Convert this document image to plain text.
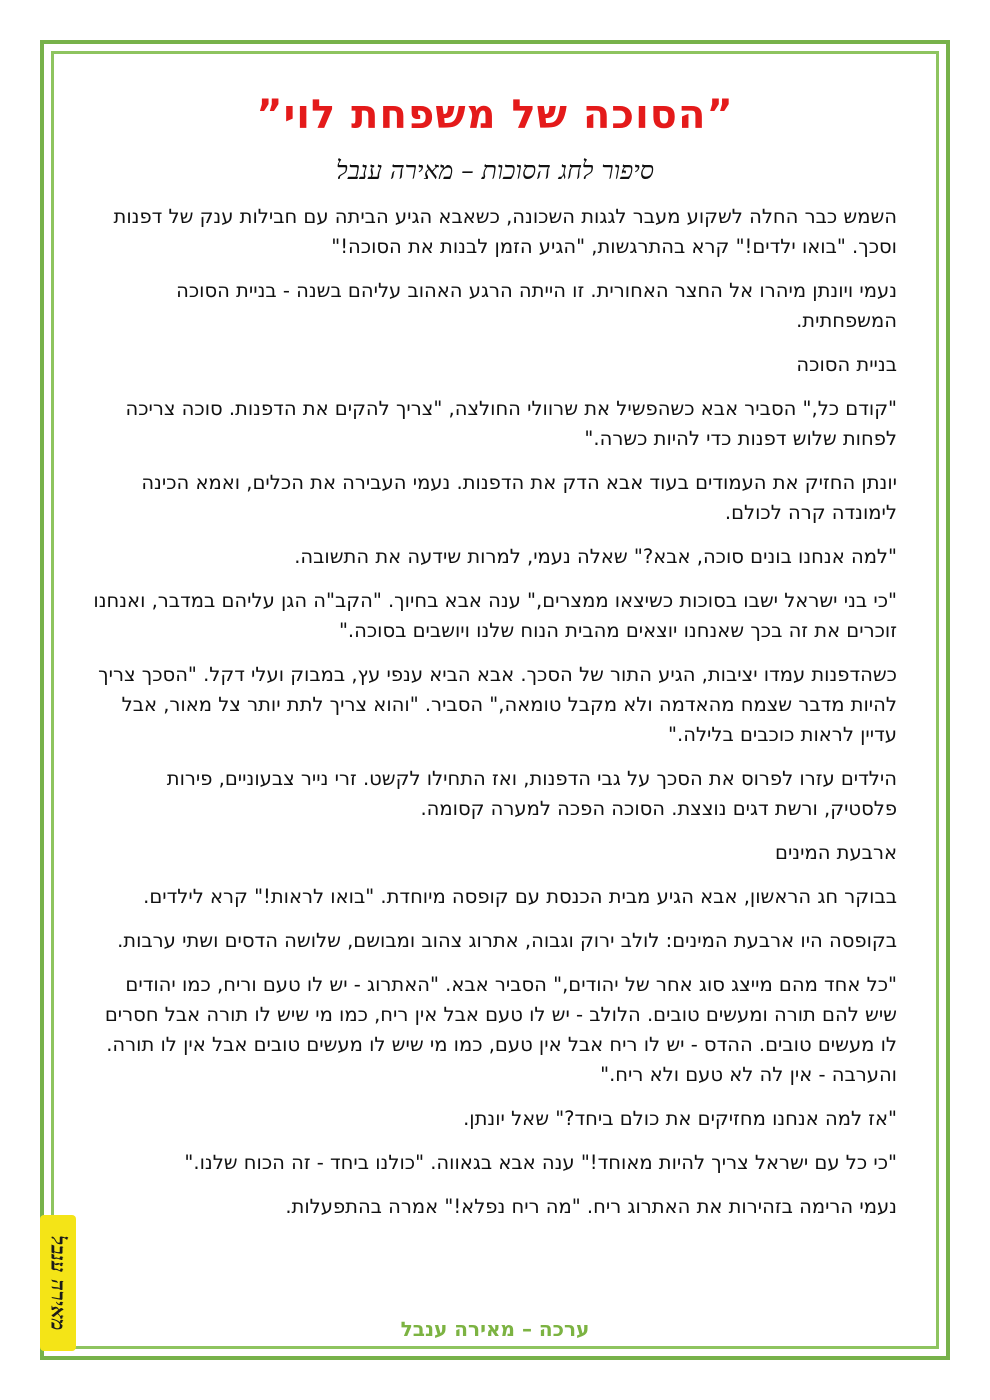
”הסוכה של משפחת לוי”
סיפור לחג הסוכות – מאירה ענבל

השמש כבר החלה לשקוע מעבר לגגות השכונה, כשאבא הגיע הביתה עם חבילות ענק של דפנות וסכך. "בואו ילדים!" קרא בהתרגשות, "הגיע הזמן לבנות את הסוכה!"

נעמי ויונתן מיהרו אל החצר האחורית. זו הייתה הרגע האהוב עליהם בשנה - בניית הסוכה המשפחתית.

בניית הסוכה

"קודם כל," הסביר אבא כשהפשיל את שרוולי החולצה, "צריך להקים את הדפנות. סוכה צריכה לפחות שלוש דפנות כדי להיות כשרה."

יונתן החזיק את העמודים בעוד אבא הדק את הדפנות. נעמי העבירה את הכלים, ואמא הכינה לימונדה קרה לכולם.

"למה אנחנו בונים סוכה, אבא?" שאלה נעמי, למרות שידעה את התשובה.

"כי בני ישראל ישבו בסוכות כשיצאו ממצרים," ענה אבא בחיוך. "הקב"ה הגן עליהם במדבר, ואנחנו זוכרים את זה בכך שאנחנו יוצאים מהבית הנוח שלנו ויושבים בסוכה."

כשהדפנות עמדו יציבות, הגיע התור של הסכך. אבא הביא ענפי עץ, במבוק ועלי דקל. "הסכך צריך להיות מדבר שצמח מהאדמה ולא מקבל טומאה," הסביר. "והוא צריך לתת יותר צל מאור, אבל עדיין לראות כוכבים בלילה."

הילדים עזרו לפרוס את הסכך על גבי הדפנות, ואז התחילו לקשט. זרי נייר צבעוניים, פירות פלסטיק, ורשת דגים נוצצת. הסוכה הפכה למערה קסומה.

ארבעת המינים

בבוקר חג הראשון, אבא הגיע מבית הכנסת עם קופסה מיוחדת. "בואו לראות!" קרא לילדים.

בקופסה היו ארבעת המינים: לולב ירוק וגבוה, אתרוג צהוב ומבושם, שלושה הדסים ושתי ערבות.

"כל אחד מהם מייצג סוג אחר של יהודים," הסביר אבא. "האתרוג - יש לו טעם וריח, כמו יהודים שיש להם תורה ומעשים טובים. הלולב - יש לו טעם אבל אין ריח, כמו מי שיש לו תורה אבל חסרים לו מעשים טובים. ההדס - יש לו ריח אבל אין טעם, כמו מי שיש לו מעשים טובים אבל אין לו תורה. והערבה - אין לה לא טעם ולא ריח."

"אז למה אנחנו מחזיקים את כולם ביחד?" שאל יונתן.

"כי כל עם ישראל צריך להיות מאוחד!" ענה אבא בגאווה. "כולנו ביחד - זה הכוח שלנו."

נעמי הרימה בזהירות את האתרוג ריח. "מה ריח נפלא!" אמרה בהתפעלות.

ערכה – מאירה ענבל
מאירה ענבל
